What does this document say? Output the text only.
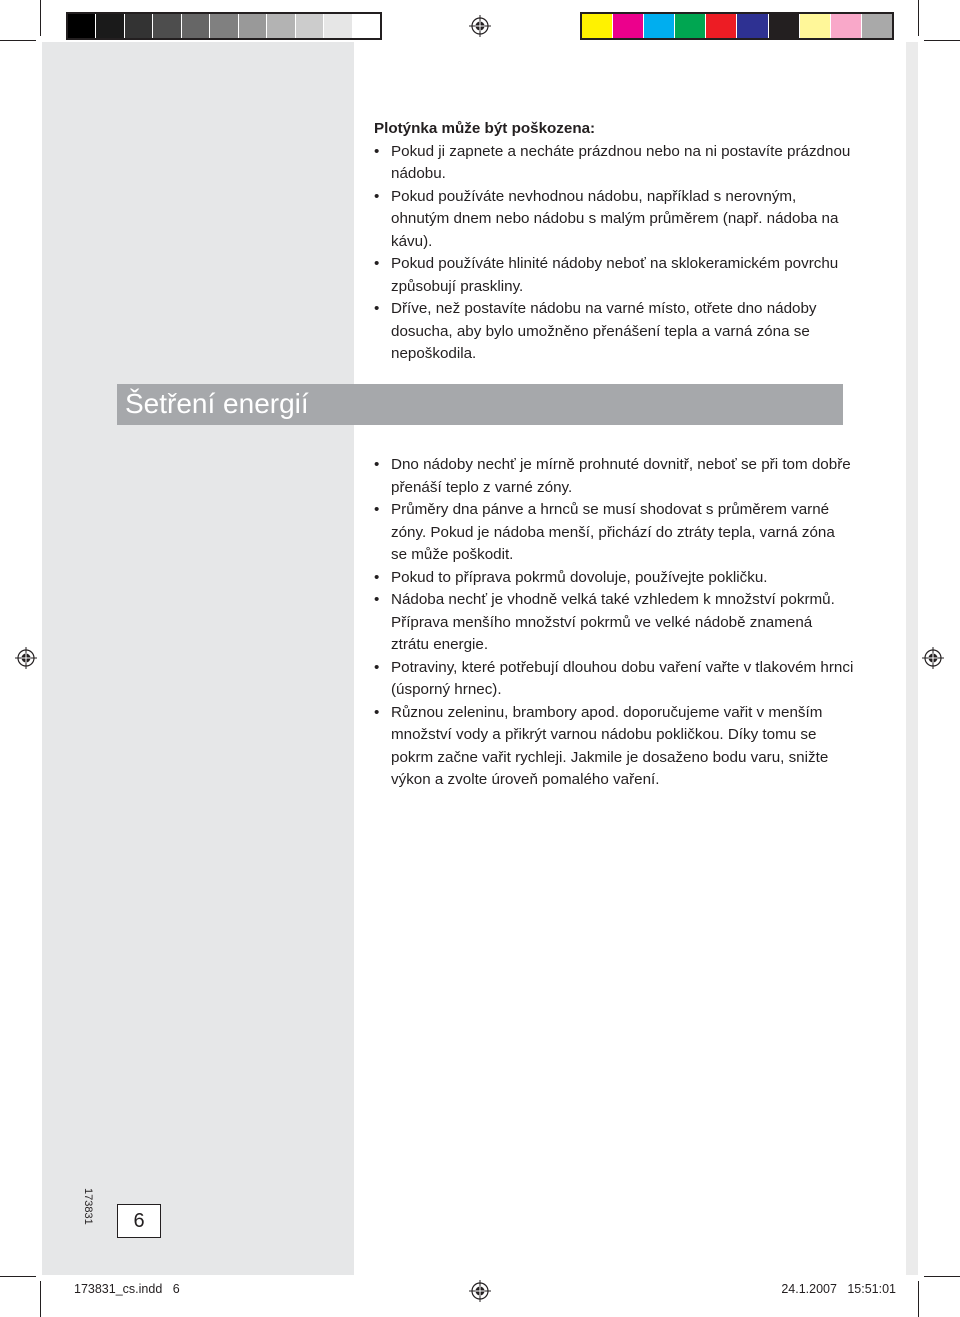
Plotýnka může být poškozena:

• Pokud ji zapnete a necháte prázdnou nebo na ni postavíte prázdnou nádobu.
• Pokud používáte nevhodnou nádobu, například s nerovným, ohnutým dnem nebo nádobu s malým průměrem (např. nádoba na kávu).
• Pokud používáte hlinité nádoby neboť na sklokeramickém povrchu způsobují praskliny.
• Dříve, než postavíte nádobu na varné místo, otřete dno nádoby dosucha, aby bylo umožněno přenášení tepla a varná zóna se nepoškodila.
Šetření energií
• Dno nádoby nechť je mírně prohnuté dovnitř, neboť se při tom dobře přenáší teplo z varné zóny.
• Průměry dna pánve a hrnců se musí shodovat s průměrem varné zóny. Pokud je nádoba menší, přichází do ztráty tepla, varná zóna se může poškodit.
• Pokud to příprava pokrmů dovoluje, používejte pokličku.
• Nádoba nechť je vhodně velká také vzhledem k množství pokrmů. Příprava menšího množství pokrmů ve velké nádobě znamená ztrátu energie.
• Potraviny, které potřebují dlouhou dobu vaření vařte v tlakovém hrnci (úsporný hrnec).
• Různou zeleninu, brambory apod. doporučujeme vařit v menším množství vody a přikrýt varnou nádobu pokličkou. Díky tomu se pokrm začne vařit rychleji. Jakmile je dosaženo bodu varu, snižte výkon a zvolte úroveň pomalého vaření.
173831	6
173831_cs.indd   6	24.1.2007   15:51:01
